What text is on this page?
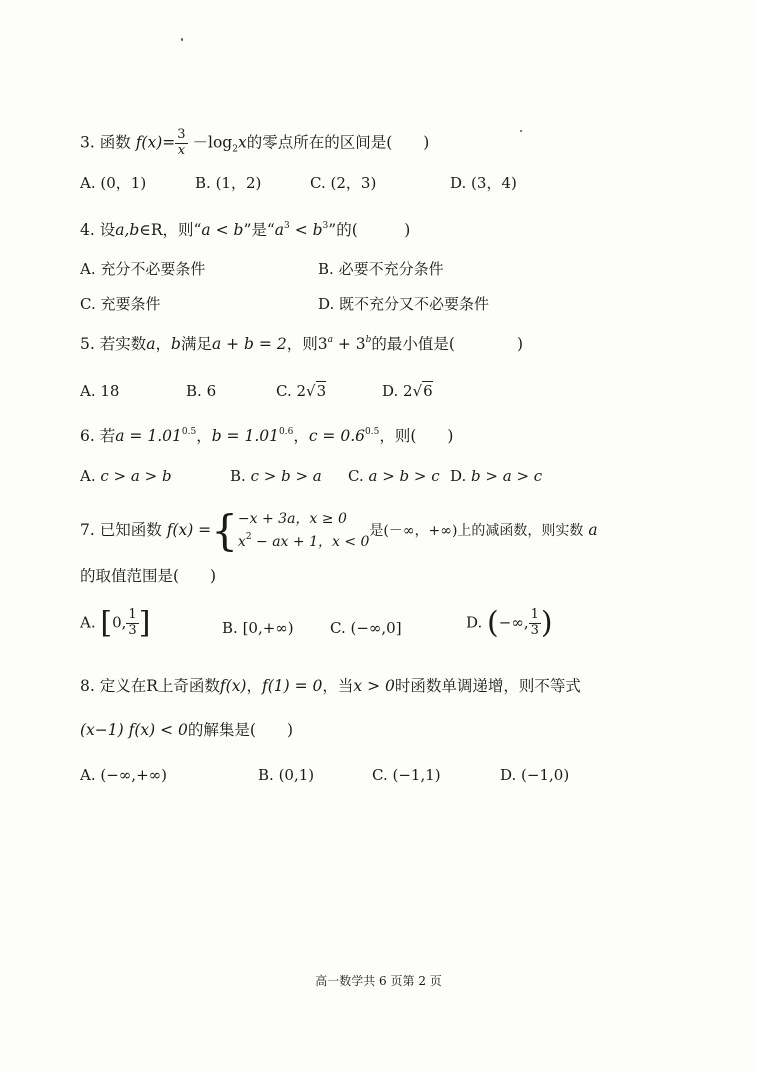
3. 函数 $f(x)= \frac{3}{x} -\log_2x$的零点所在的区间是(　　)
A. (0，1)	B. (1，2)	C. (2，3)	D. (3，4)
4. 设a,b∈R，则“a < b”是“$a^3 < b^3$”的(　　　)
A. 充分不必要条件	B. 必要不充分条件
C. 充要条件	D. 既不充分又不必要条件
5. 若实数a，b满足a + b = 2，则$3^a + 3^b$的最小值是(　　　　)
A. 18	B. 6	C. 2√3	D. 2√6
6. 若$a = 1.01^{0.5}$，$b = 1.01^{0.6}$，$c = 0.6^{0.5}$，则(　　)
A. c > a > b	B. c > b > a C. a > b > c D. b > a > c
7. 已知函数 f(x) ={ −x + 3a，x ≥ 0
$x^2$ − ax + 1，x < 0
是(－∞，+∞)上的减函数，则实数 a
的取值范围是(　　)
A. [0, $\frac{1}{3}$ ]	B. [0,+∞) C. (−∞,0]	D. (−∞, $\frac{1}{3}$ )
8. 定义在R上奇函数f(x)，f(1) = 0，当x > 0时函数单调递增，则不等式
(x−1) f(x) < 0的解集是(　　)
A. (−∞,+∞)	B. (0,1)	C. (−1,1)	D. (−1,0)
高一数学共 6 页第 2 页
